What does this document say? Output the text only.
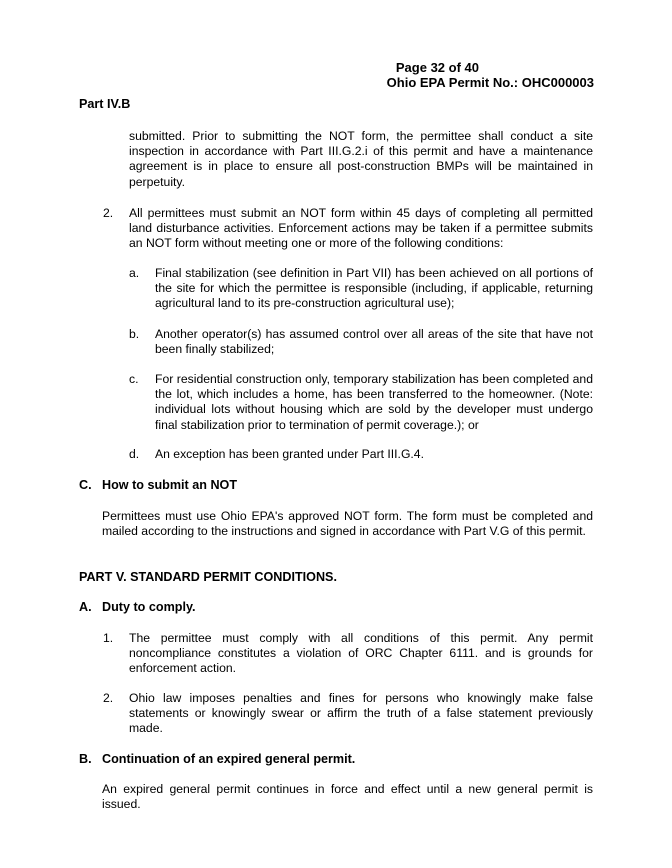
Page 32 of 40
Ohio EPA Permit No.: OHC000003
Part IV.B
submitted. Prior to submitting the NOT form, the permittee shall conduct a site inspection in accordance with Part III.G.2.i of this permit and have a maintenance agreement is in place to ensure all post-construction BMPs will be maintained in perpetuity.
2. All permittees must submit an NOT form within 45 days of completing all permitted land disturbance activities. Enforcement actions may be taken if a permittee submits an NOT form without meeting one or more of the following conditions:
a. Final stabilization (see definition in Part VII) has been achieved on all portions of the site for which the permittee is responsible (including, if applicable, returning agricultural land to its pre-construction agricultural use);
b. Another operator(s) has assumed control over all areas of the site that have not been finally stabilized;
c. For residential construction only, temporary stabilization has been completed and the lot, which includes a home, has been transferred to the homeowner. (Note: individual lots without housing which are sold by the developer must undergo final stabilization prior to termination of permit coverage.); or
d. An exception has been granted under Part III.G.4.
C. How to submit an NOT
Permittees must use Ohio EPA's approved NOT form. The form must be completed and mailed according to the instructions and signed in accordance with Part V.G of this permit.
PART V. STANDARD PERMIT CONDITIONS.
A. Duty to comply.
1. The permittee must comply with all conditions of this permit. Any permit noncompliance constitutes a violation of ORC Chapter 6111. and is grounds for enforcement action.
2. Ohio law imposes penalties and fines for persons who knowingly make false statements or knowingly swear or affirm the truth of a false statement previously made.
B. Continuation of an expired general permit.
An expired general permit continues in force and effect until a new general permit is issued.
